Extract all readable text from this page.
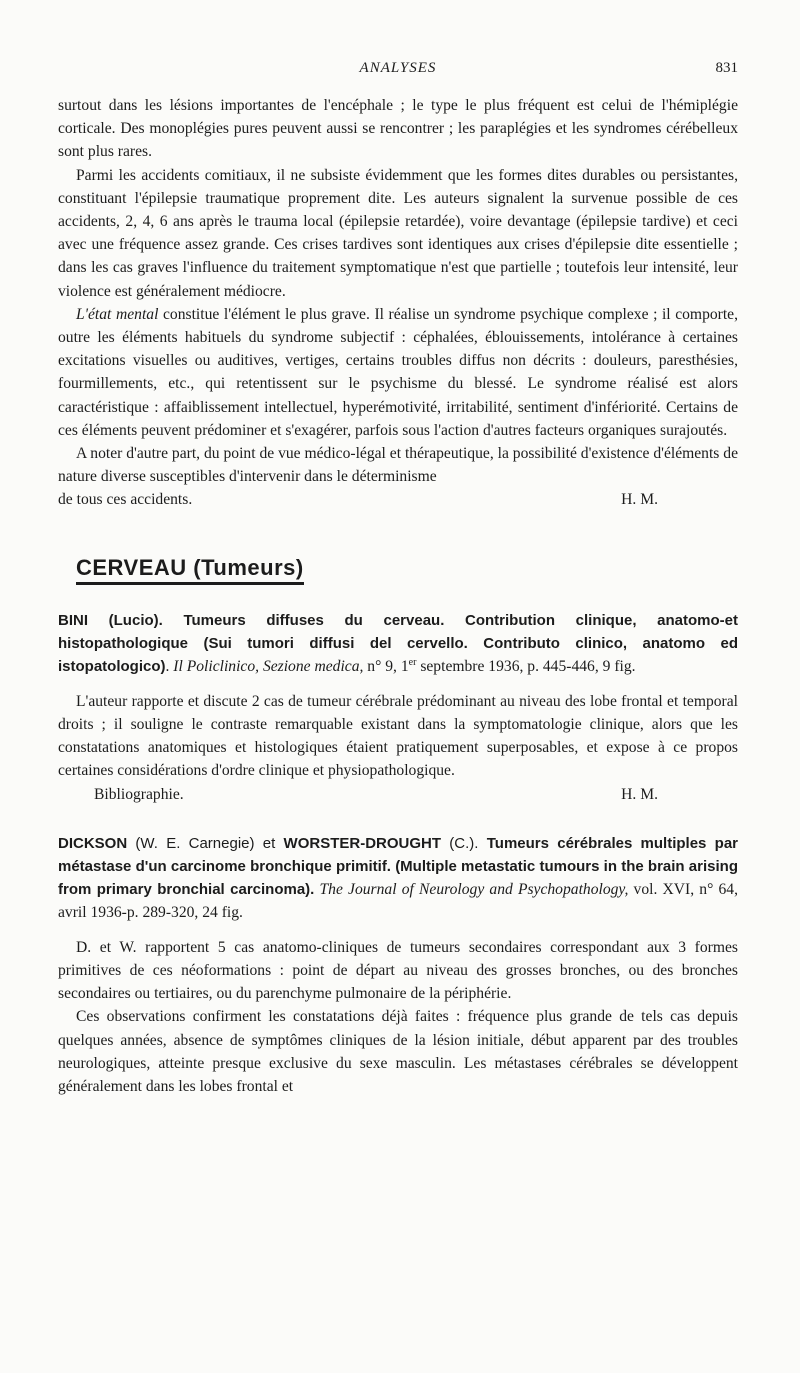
ANALYSES	831

surtout dans les lésions importantes de l'encéphale ; le type le plus fréquent est celui de l'hémiplégie corticale. Des monoplégies pures peuvent aussi se rencontrer ; les paraplégies et les syndromes cérébelleux sont plus rares.

Parmi les accidents comitiaux, il ne subsiste évidemment que les formes dites durables ou persistantes, constituant l'épilepsie traumatique proprement dite. Les auteurs signalent la survenue possible de ces accidents, 2, 4, 6 ans après le trauma local (épilepsie retardée), voire devantage (épilepsie tardive) et ceci avec une fréquence assez grande. Ces crises tardives sont identiques aux crises d'épilepsie dite essentielle ; dans les cas graves l'influence du traitement symptomatique n'est que partielle ; toutefois leur intensité, leur violence est généralement médiocre.

L'état mental constitue l'élément le plus grave. Il réalise un syndrome psychique complexe ; il comporte, outre les éléments habituels du syndrome subjectif : céphalées, éblouissements, intolérance à certaines excitations visuelles ou auditives, vertiges, certains troubles diffus non décrits : douleurs, paresthésies, fourmillements, etc., qui retentissent sur le psychisme du blessé. Le syndrome réalisé est alors caractéristique : affaiblissement intellectuel, hyperémotivité, irritabilité, sentiment d'infériorité. Certains de ces éléments peuvent prédominer et s'exagérer, parfois sous l'action d'autres facteurs organiques surajoutés.

A noter d'autre part, du point de vue médico-légal et thérapeutique, la possibilité d'existence d'éléments de nature diverse susceptibles d'intervenir dans le déterminisme

de tous ces accidents.	H. M.
CERVEAU (Tumeurs)

BINI (Lucio). Tumeurs diffuses du cerveau. Contribution clinique, anatomo-et histopathologique (Sui tumori diffusi del cervello. Contributo clinico, anatomo ed istopatologico). Il Policlinico, Sezione medica, n° 9, 1er septembre 1936, p. 445-446, 9 fig.

L'auteur rapporte et discute 2 cas de tumeur cérébrale prédominant au niveau des lobe frontal et temporal droits ; il souligne le contraste remarquable existant dans la symptomatologie clinique, alors que les constatations anatomiques et histologiques étaient pratiquement superposables, et expose à ce propos certaines considérations d'ordre clinique et physiopathologique.

Bibliographie.	H. M.

DICKSON (W. E. Carnegie) et WORSTER-DROUGHT (C.). Tumeurs cérébrales multiples par métastase d'un carcinome bronchique primitif. (Multiple metastatic tumours in the brain arising from primary bronchial carcinoma). The Journal of Neurology and Psychopathology, vol. XVI, n° 64, avril 1936-p. 289-320, 24 fig.

D. et W. rapportent 5 cas anatomo-cliniques de tumeurs secondaires correspondant aux 3 formes primitives de ces néoformations : point de départ au niveau des grosses bronches, ou des bronches secondaires ou tertiaires, ou du parenchyme pulmonaire de la périphérie.

Ces observations confirment les constatations déjà faites : fréquence plus grande de tels cas depuis quelques années, absence de symptômes cliniques de la lésion initiale, début apparent par des troubles neurologiques, atteinte presque exclusive du sexe masculin. Les métastases cérébrales se développent généralement dans les lobes frontal et
